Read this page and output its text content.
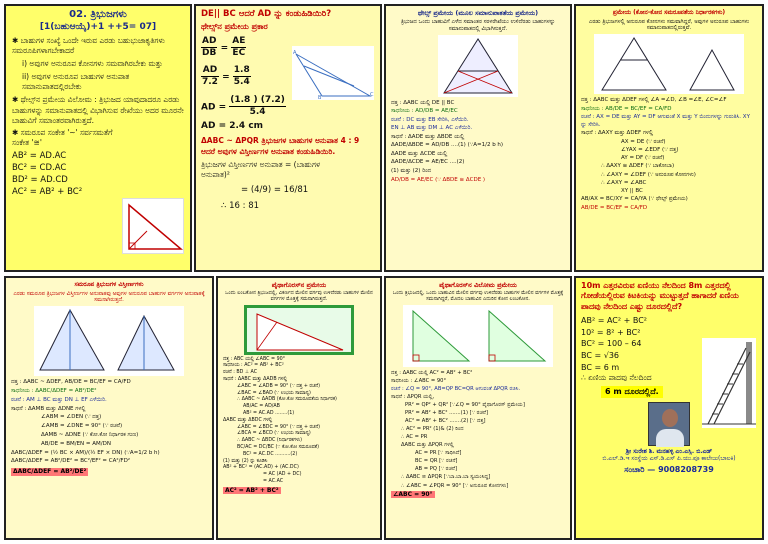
02. ತ್ರಿಭುಜಗಳು
[1(ಬಹುಆಯ್ಕೆ)+1 ++5= 07]
✱ ಬಾಹುಗಳ ಸಂಖ್ಯೆ ಒಂದೇ ಇರುವ ಎರಡು ಬಹುಭುಜಾಕೃತಿಗಳು ಸಮರೂಪಿಗಳಾಗಬೇಕಾದರೆ
i) ಅವುಗಳ ಅನುರೂಪ ಕೋನಗಳು ಸಮವಾಗಿರಬೇಕು ಮತ್ತು
ii) ಅವುಗಳ ಅನುರೂಪ ಬಾಹುಗಳ ಅನುಪಾತ ಸಮಾನುಪಾತದಲ್ಲಿರಬೇಕು
✱ ಥೇಲ್ಸ್‌ನ ಪ್ರಮೇಯ ವಿಲೋಮ : ತ್ರಿಭುಜದ ಯಾವುದಾದರೂ ಎರಡು ಬಾಹುಗಳನ್ನು ಸಮಾನುಪಾತದಲ್ಲಿ ವಿಭಾಗಿಸುವ ರೇಖೆಯು ಅದರ ಮೂರನೇ ಬಾಹುವಿಗೆ ಸಮಾಂತರವಾಗಿರುತ್ತದೆ.
✱ ಸಮರೂಪ ಸಂಕೇತ '~' ಸರ್ವಸಮತೆಗೆ ಸಂಕೇತ '≅'
AB² = AD.AC
BC² = CD.AC
BD² = AD.CD
AC² = AB² + BC²
DE|| BC ಆದರೆ AD ನ್ನು ಕಂಡುಹಿಡಿಯಿರಿ?
ಥೇಲ್ಸ್‌ನ ಪ್ರಮೇಯ ಪ್ರಕಾರ
$\frac{AD}{DB} = \frac{AE}{EC}$
$\frac{AD}{7.2} = \frac{1.8}{5.4}$
AD = $\frac{(1.8 ) (7.2)}{5.4}$
AD = 2.4 cm
A
C
B
ΔABC ~ ΔPQR ತ್ರಿಭುಜಗಳ ಬಾಹುಗಳ ಅನುಪಾತ 4 : 9 ಆದರೆ ಅವುಗಳ ವಿಸ್ತೀರ್ಣಗಳ ಅನುಪಾತ ಕಂಡುಹಿಡಿಯಿರಿ.
ತ್ರಿಭುಜಗಳ ವಿಸ್ತೀರ್ಣಗಳ ಅನುಪಾತ = (ಬಾಹುಗಳ ಅನುಪಾತ)²
= (4/9) = 16/81
∴ 16 : 81
ಥೇಲ್ಸ್‌ ಪ್ರಮೇಯ (ಮೂಲ ಸಮಾನುಪಾತತೆಯ ಪ್ರಮೇಯ)
ತ್ರಿಭುಜದ ಒಂದು ಬಾಹುವಿಗೆ ಎಳೆದ ಸಮಾಂತರ ಸರಳರೇಖೆಯು ಉಳಿದೆರಡು ಬಾಹುಗಳನ್ನು ಸಮಾನುಪಾತದಲ್ಲಿ ವಿಭಾಗಿಸುತ್ತದೆ.
ದತ್ತ : ΔABC ಯಲ್ಲಿ DE || BC
ಸಾಧನೀಯ : AD/DB = AE/EC
ರಚನೆ : DC ಮತ್ತು EB ಸೇರಿಸಿ, ಎಳೆಯಿರಿ.
EN ⊥ AB ಮತ್ತು DM ⊥ AC ಎಳೆಯಿರಿ.
ಸಾಧನೆ : ΔADE ಮತ್ತು ΔBDE ಯಲ್ಲಿ
ΔADE/ΔBDE = AD/DB ....(1) (∵A=1/2 b h)
ΔADE ಮತ್ತು ΔCDE ಯಲ್ಲಿ
ΔADE/ΔCDE = AE/EC ....(2)
(1) ಮತ್ತು (2) ರಿಂದ
AD/DB = AE/EC (∵ ΔBDE ≅ ΔCDE )
ಪ್ರಮೇಯ (ಕೋನ-ಕೋನ ಸಮರೂಪತೆಯ ನಿರ್ಧಾರಕಗಳು)
ಎರಡು ತ್ರಿಭುಜಗಳಲ್ಲಿ ಅನುರೂಪ ಕೋನಗಳು ಸಮವಾಗಿದ್ದರೆ, ಅವುಗಳ ಅನುರೂಪ ಬಾಹುಗಳು ಸಮಾನುಪಾತದಲ್ಲಿರುತ್ತವೆ.
ದತ್ತ : ΔABC ಮತ್ತು ΔDEF ಗಳಲ್ಲಿ ∠A =∠D, ∠B =∠E, ∠C=∠F
ಸಾಧನೀಯ : AB/DE = BC/EF = CA/FD
ರಚನೆ : AX = DE ಮತ್ತು AY = DF ಆಗುವಂತೆ X ಮತ್ತು Y ಬಿಂದುಗಳನ್ನು ಗುರುತಿಸಿ. XY ನ್ನು ಸೇರಿಸಿ.
ಸಾಧನೆ : ΔAXY ಮತ್ತು ΔDEF ಗಳಲ್ಲಿ
AX = DE (∵ ರಚನೆ)
∠YAX = ∠EDF (∵ ದತ್ತ)
AY = DF (∵ ರಚನೆ)
∴ ΔAXY ≅ ΔDEF (∵ ಬಾಕೋಬಾ)
∴ ∠AXY = ∠DEF (∵ ಅನುರೂಪ ಕೋನಗಳು)
∴ ∠AXY = ∠ABC
XY || BC
AB/AX = BC/XY = CA/YA (∵ ಥೇಲ್ಸ್ ಪ್ರಮೇಯ)
AB/DE = BC/EF = CA/FD
ಸಮರೂಪ ತ್ರಿಭುಜಗಳ ವಿಸ್ತೀರ್ಣಗಳು
ಎರಡು ಸಮರೂಪ ತ್ರಿಭುಜಗಳ ವಿಸ್ತೀರ್ಣಗಳ ಅನುಪಾತವು ಅವುಗಳ ಅನುರೂಪ ಬಾಹುಗಳ ವರ್ಗಗಳ ಅನುಪಾತಕ್ಕೆ ಸಮನಾಗಿರುತ್ತದೆ.
ದತ್ತ : ΔABC ~ ΔDEF, AB/DE = BC/EF = CA/FD
ಸಾಧನೀಯ : ΔABC/ΔDEF = AB²/DE²
ರಚನೆ : AM ⊥ BC ಮತ್ತು DN ⊥ EF ಎಳೆಯಿರಿ.
ಸಾಧನೆ : ΔAMB ಮತ್ತು ΔDNE ಗಳಲ್ಲಿ
∠ABM = ∠DEN (∵ ದತ್ತ)
∠AMB = ∠DNE = 90° (∵ ರಚನೆ)
ΔAMB ~ ΔDNE (∵ ಕೋ.ಕೋ ನಿರ್ಧಾರಕ ಗುಣ)
AB/DE = BM/EN = AM/DN
ΔABC/ΔDEF = (½ BC × AM)/(½ EF × DN) (∵A=1/2 b h)
ΔABC/ΔDEF = AB²/DE² = BC²/EF² = CA²/FD²
ΔABC/ΔDEF = AB²/DE²
ಪೈಥಾಗೊರಸ್‌ನ ಪ್ರಮೇಯ
ಒಂದು ಲಂಬಕೋನ ತ್ರಿಭುಜದಲ್ಲಿ, ವಿಕರ್ಣದ ಮೇಲಿನ ವರ್ಗವು ಉಳಿದೆರಡು ಬಾಹುಗಳ ಮೇಲಿನ ವರ್ಗಗಳ ಮೊತ್ತಕ್ಕೆ ಸಮನಾಗಿರುತ್ತದೆ.
ದತ್ತ : ABC ಯಲ್ಲಿ ∠ABC = 90°
ಸಾಧನೀಯ : AC² = AB² + BC²
ರಚನೆ : BD ⊥ AC
ಸಾಧನೆ : ΔABC ಮತ್ತು ΔADB ಗಳಲ್ಲಿ
∠ABC = ∠ADB = 90° (∵ ದತ್ತ + ರಚನೆ)
∠BAC = ∠BAD (∵ ಉಭಯ ಸಾಮಾನ್ಯ)
∴ ΔABC ~ ΔADB (ಕೋ.ಕೋ ಸಮರೂಪತೆಯ ನಿರ್ಧಾರಕ)
AB/AC = AD/AB
AB² = AC.AD ........(1)
ΔABC ಮತ್ತು ΔBDC ಗಳಲ್ಲಿ
∠ABC = ∠BDC = 90° (∵ ದತ್ತ + ರಚನೆ)
∠BCA = ∠BCD (∵ ಉಭಯ ಸಾಮಾನ್ಯ)
∴ ΔABC ~ ΔBDC (ನಿರ್ಧಾರಕಗಳು)
BC/AC = DC/BC (∵ ಕೋ.ಕೋ ಸಮರೂಪತೆ)
BC² = AC.DC ..........(2)
(1) ಮತ್ತು (2) ನ್ನು ಕೂಡಿಸಿ
AB² + BC² = (AC.AD) + (AC.DC)
= AC (AD + DC)
= AC.AC
AC² = AB² + BC²
ಪೈಥಾಗೊರಸ್‌ನ ವಿಲೋಮ ಪ್ರಮೇಯ
ಒಂದು ತ್ರಿಭುಜದಲ್ಲಿ, ಒಂದು ಬಾಹುವಿನ ಮೇಲಿನ ವರ್ಗವು ಉಳಿದೆರಡು ಬಾಹುಗಳ ಮೇಲಿನ ವರ್ಗಗಳ ಮೊತ್ತಕ್ಕೆ ಸಮನಾಗಿದ್ದರೆ, ಮೊದಲ ಬಾಹುವಿನ ಎದುರಿನ ಕೋನ ಲಂಬಕೋನ.
ದತ್ತ : ΔABC ಯಲ್ಲಿ AC² = AB² + BC²
ಸಾಧನೀಯ : ∠ABC = 90°
ರಚನೆ : ∠Q = 90°, AB=QP BC=QR ಆಗುವಂತೆ ΔPQR ರಚಿಸಿ.
ಸಾಧನೆ : ΔPQR ಯಲ್ಲಿ,
PR² = QP² + QR² [∵∠Q = 90° ಪೈಥಾಗೊರಸ್ ಪ್ರಮೇಯ]
PR² = AB² + BC² .......(1) [∵ ರಚನೆ]
AC² = AB² + BC² .......(2) [∵ ದತ್ತ]
∴ AC² = PR² (1)& (2) ರಿಂದ
∴ AC = PR
ΔABC ಮತ್ತು ΔPQR ಗಳಲ್ಲಿ
AC = PR [∵ ಸಾಧಿಸಿದೆ]
BC = QR [∵ ರಚನೆ]
AB = PQ [∵ ರಚನೆ]
∴ ΔABC ≅ ΔPQR [∵ಬಾ.ಬಾ.ಬಾ ಸ್ವಯಂಸಿದ್ಧ]
∴ ∠ABC = ∠PQR = 90° [∵ ಅನುರೂಪ ಕೋನಗಳು]
∠ABC = 90°
10m ಎತ್ತರವಿರುವ ಏಣಿಯು ನೆಲದಿಂದ 8m ಎತ್ತರದಲ್ಲಿ ಗೋಡೆಯಲ್ಲಿರುವ ಕಿಟಕಿಯನ್ನು ಮುಟ್ಟುತ್ತದೆ ಹಾಗಾದರೆ ಏಣಿಯ ಪಾದವು ನೆಲದಿಂದ ಎಷ್ಟು ದೂರದಲ್ಲಿದೆ?
AB² = AC² + BC²
10² = 8² + BC²
BC² = 100 – 64
BC = √36
BC = 6 m
∴ ಏಣಿಯ ಪಾದವು ನೆಲದಿಂದ
6 m ದೂರದಲ್ಲಿದೆ.
ಶ್ರೀ ಸುರೇಶ ಶಿ. ಮನಹಳ್ಳಿ ಎಂ.ಎಸ್ಸಿ. ಬಿ.ಎಡ್
ಬಿ.ಎಲ್.ಡಿ.ಇ ಸಂಸ್ಥೆಯ ಎಸ್.ಡಿ.ಎಸ್ ಪಿ.ಯು.ಪೂ ಕಾಲೇಜು(ಬಾಲಕಿ)
ಸಂಚಾರಿ — 9008208739
